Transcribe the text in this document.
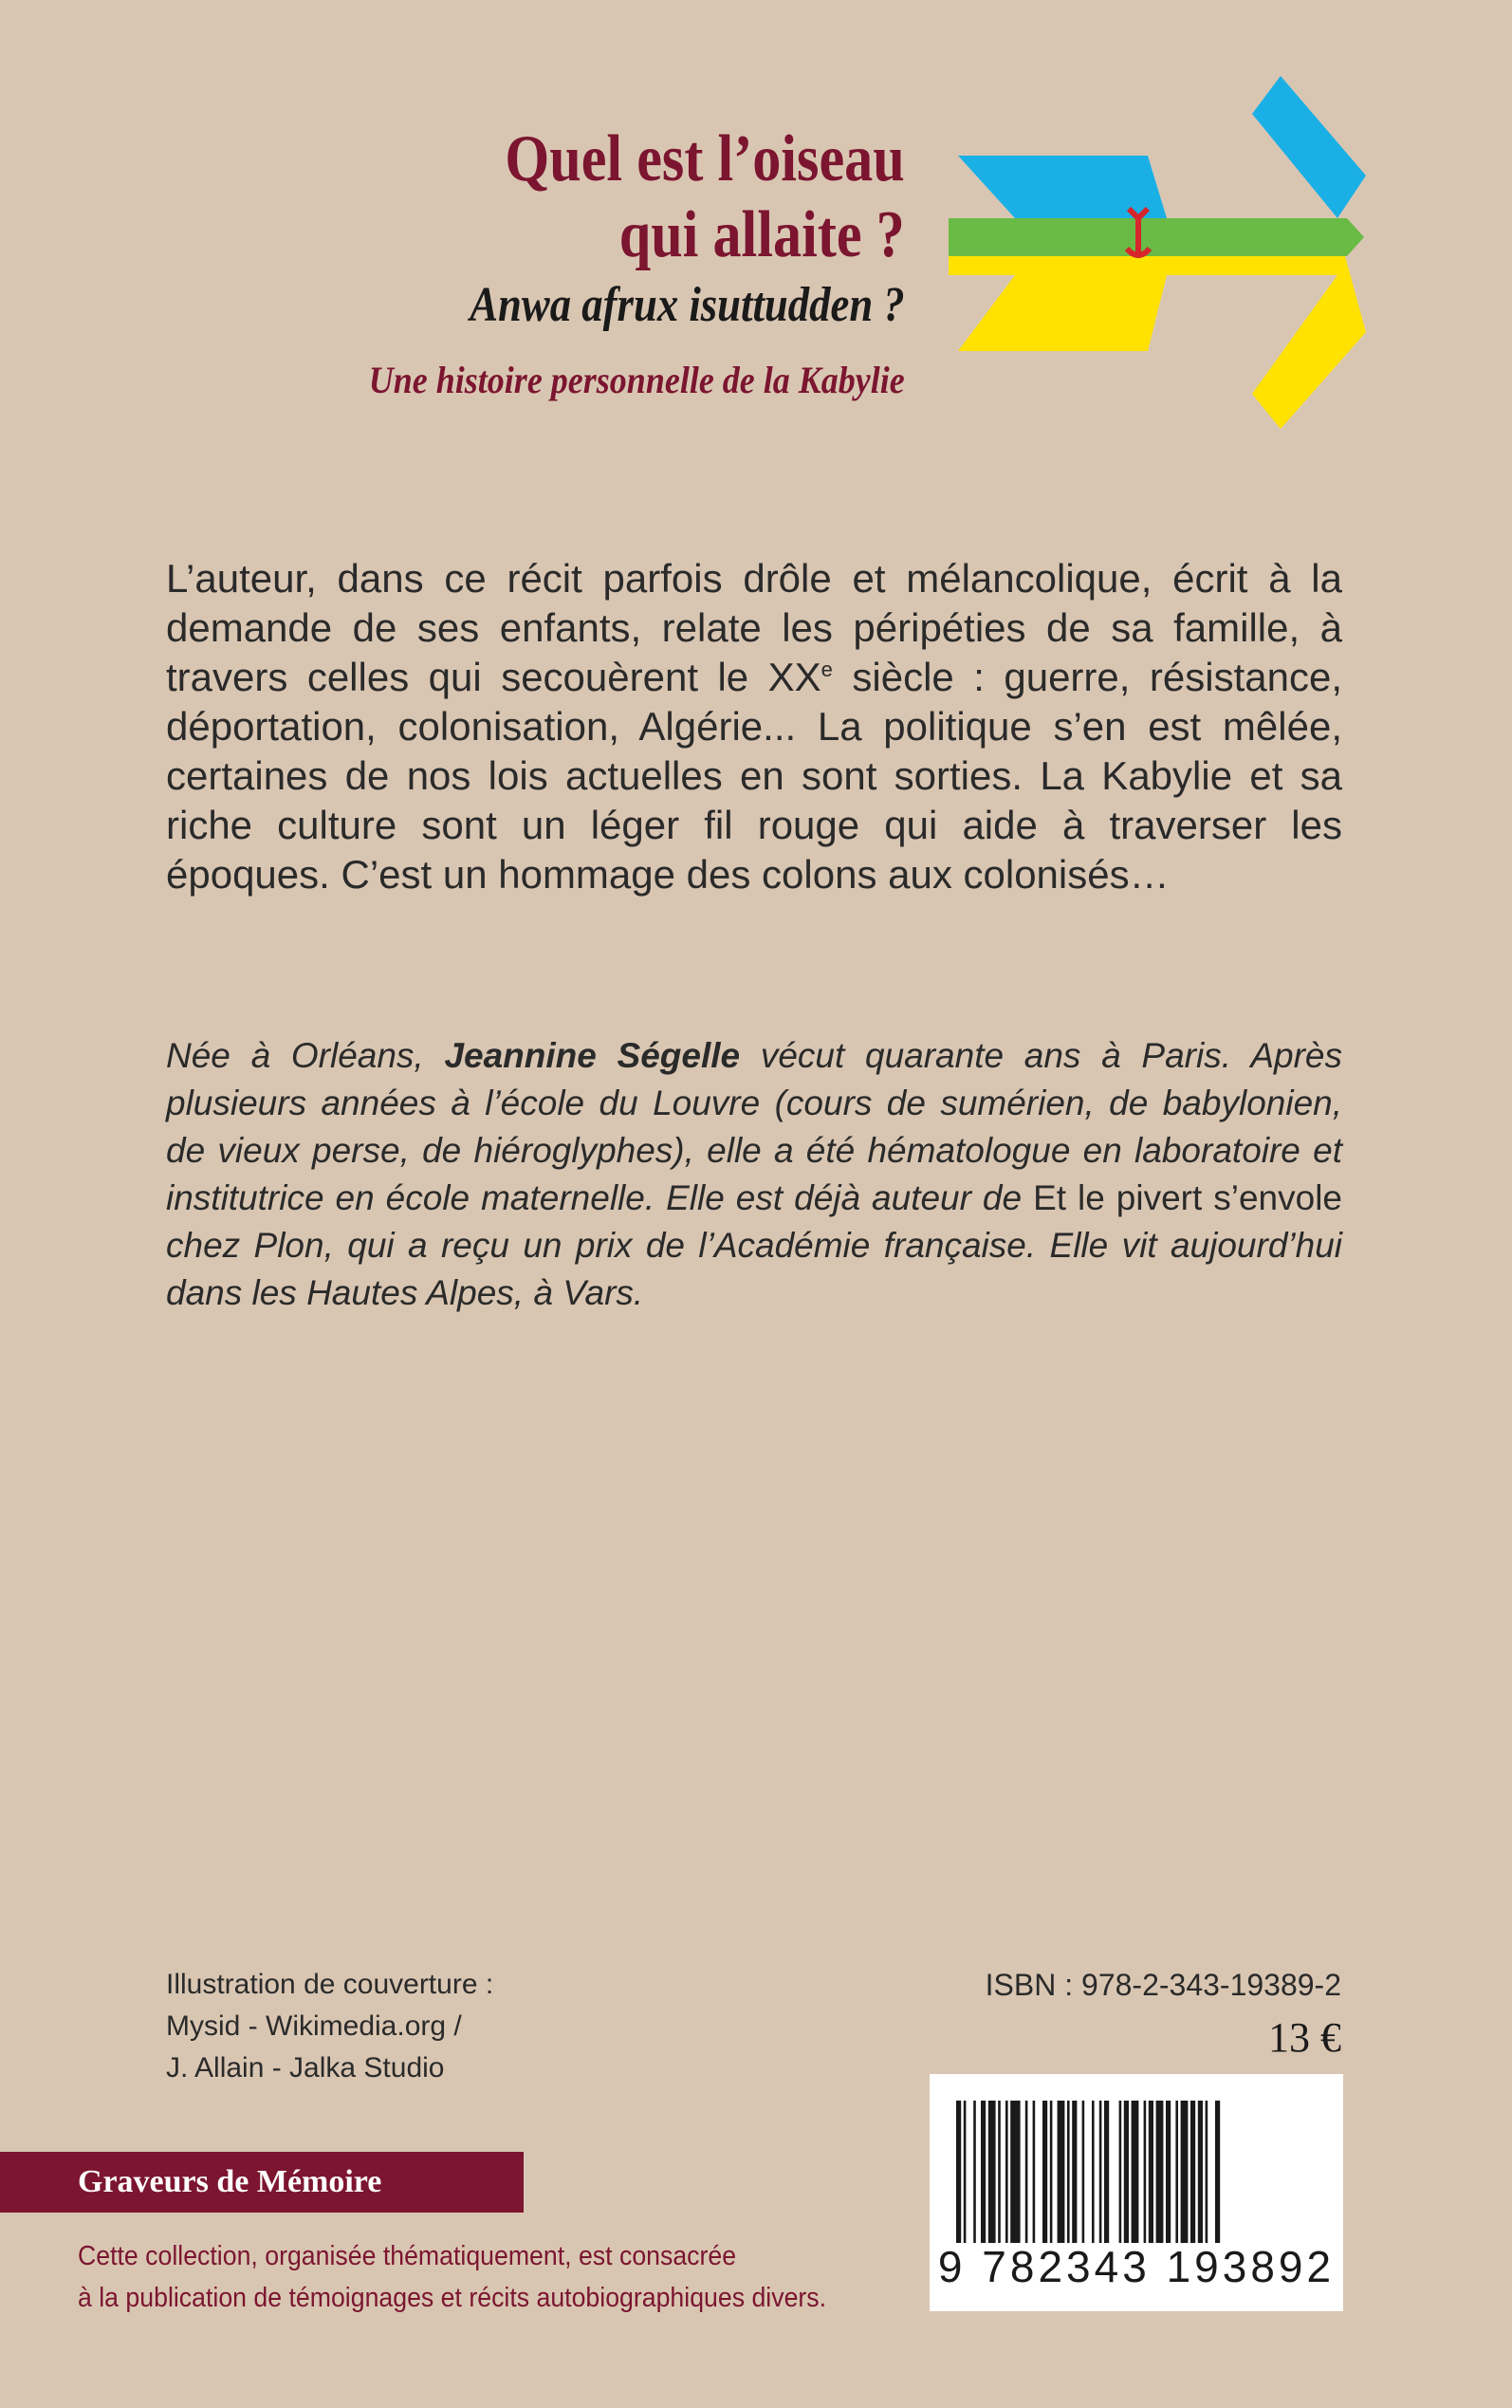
Quel est l’oiseau
qui allaite ?
Anwa afrux isuttudden ?
Une histoire personnelle de la Kabylie

L’auteur, dans ce récit parfois drôle et mélancolique, écrit à la demande de ses enfants, relate les péripéties de sa famille, à travers celles qui secouèrent le XXe siècle : guerre, résistance, déportation, colonisation, Algérie... La politique s’en est mêlée, certaines de nos lois actuelles en sont sorties. La Kabylie et sa riche culture sont un léger fil rouge qui aide à traverser les époques. C’est un hommage des colons aux colonisés…

Née à Orléans, Jeannine Ségelle vécut quarante ans à Paris. Après plusieurs années à l’école du Louvre (cours de sumérien, de babylonien, de vieux perse, de hiéroglyphes), elle a été hématologue en laboratoire et institutrice en école maternelle. Elle est déjà auteur de Et le pivert s’envole chez Plon, qui a reçu un prix de l’Académie française. Elle vit aujourd’hui dans les Hautes Alpes, à Vars.
Illustration de couverture :
Mysid - Wikimedia.org /
J. Allain - Jalka Studio
ISBN : 978-2-343-19389-2
13 €
9 782343 193892
Graveurs de Mémoire
Cette collection, organisée thématiquement, est consacrée
à la publication de témoignages et récits autobiographiques divers.
